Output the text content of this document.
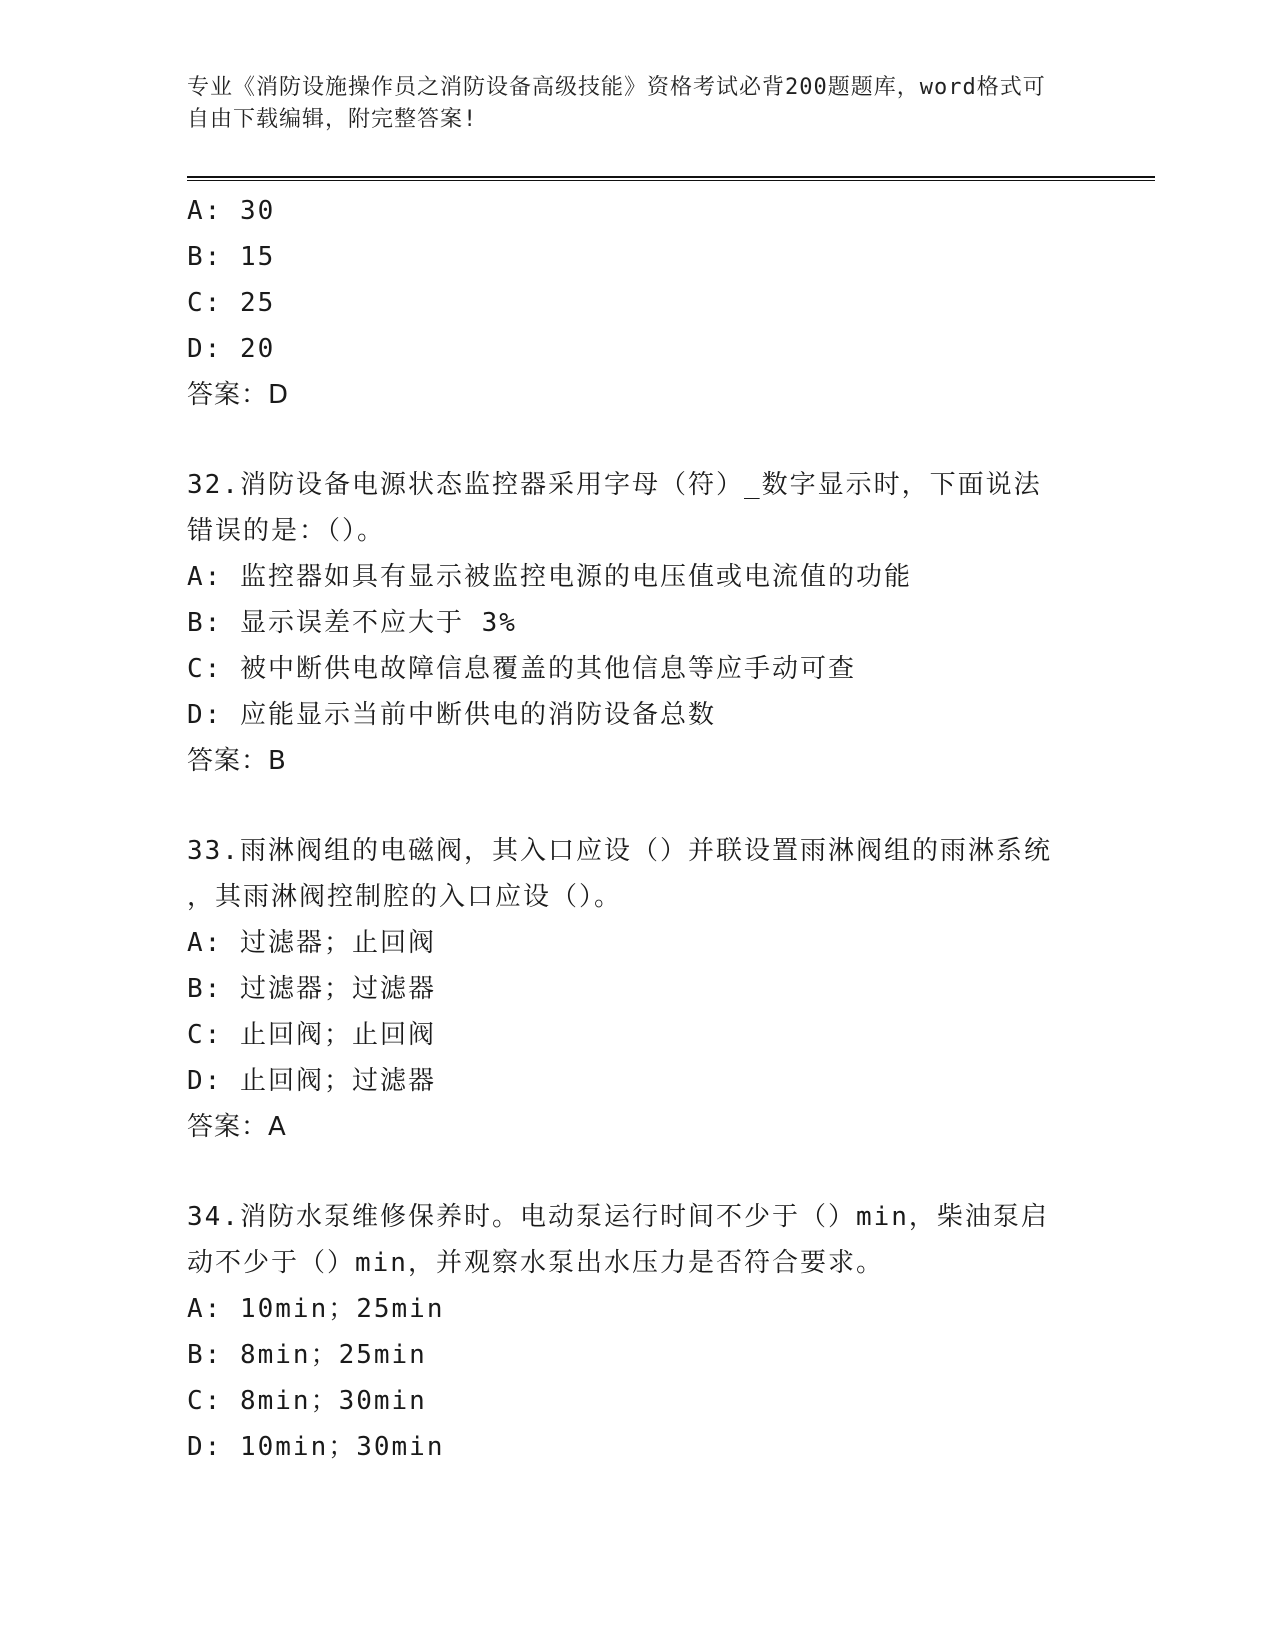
专业《消防设施操作员之消防设备高级技能》资格考试必背200题题库，word格式可自由下载编辑，附完整答案!
A: 30
B: 15
C: 25
D: 20
答案：D
32.消防设备电源状态监控器采用字母（符）_数字显示时，下面说法
错误的是：（）。
A: 监控器如具有显示被监控电源的电压值或电流值的功能
B: 显示误差不应大于 3%
C: 被中断供电故障信息覆盖的其他信息等应手动可查
D: 应能显示当前中断供电的消防设备总数
答案：B
33.雨淋阀组的电磁阀，其入口应设（）并联设置雨淋阀组的雨淋系统
，其雨淋阀控制腔的入口应设（）。
A: 过滤器；止回阀
B: 过滤器；过滤器
C: 止回阀；止回阀
D: 止回阀；过滤器
答案：A
34.消防水泵维修保养时。电动泵运行时间不少于（）min，柴油泵启
动不少于（）min，并观察水泵出水压力是否符合要求。
A: 10min；25min
B: 8min；25min
C: 8min；30min
D: 10min；30min
